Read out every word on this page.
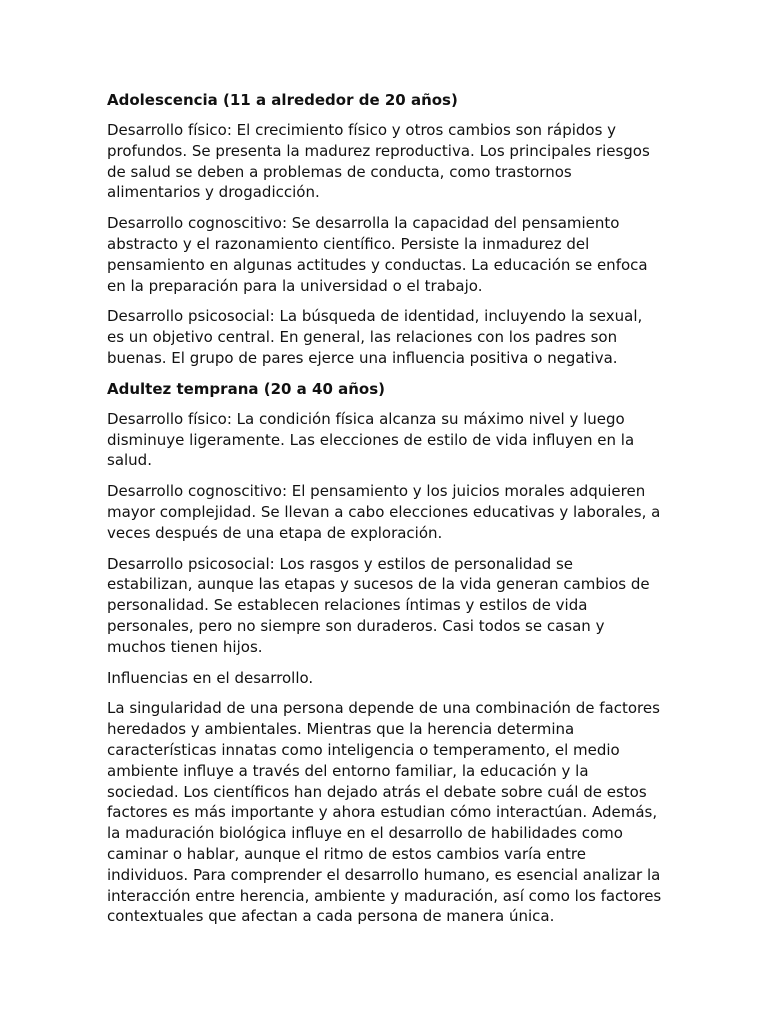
Adolescencia (11 a alrededor de 20 años)
Desarrollo físico: El crecimiento físico y otros cambios son rápidos y profundos. Se presenta la madurez reproductiva. Los principales riesgos de salud se deben a problemas de conducta, como trastornos alimentarios y drogadicción.
Desarrollo cognoscitivo: Se desarrolla la capacidad del pensamiento abstracto y el razonamiento científico. Persiste la inmadurez del pensamiento en algunas actitudes y conductas. La educación se enfoca en la preparación para la universidad o el trabajo.
Desarrollo psicosocial: La búsqueda de identidad, incluyendo la sexual, es un objetivo central. En general, las relaciones con los padres son buenas. El grupo de pares ejerce una influencia positiva o negativa.
Adultez temprana (20 a 40 años)
Desarrollo físico: La condición física alcanza su máximo nivel y luego disminuye ligeramente. Las elecciones de estilo de vida influyen en la salud.
Desarrollo cognoscitivo: El pensamiento y los juicios morales adquieren mayor complejidad. Se llevan a cabo elecciones educativas y laborales, a veces después de una etapa de exploración.
Desarrollo psicosocial: Los rasgos y estilos de personalidad se estabilizan, aunque las etapas y sucesos de la vida generan cambios de personalidad. Se establecen relaciones íntimas y estilos de vida personales, pero no siempre son duraderos. Casi todos se casan y muchos tienen hijos.
Influencias en el desarrollo.
La singularidad de una persona depende de una combinación de factores heredados y ambientales. Mientras que la herencia determina características innatas como inteligencia o temperamento, el medio ambiente influye a través del entorno familiar, la educación y la sociedad. Los científicos han dejado atrás el debate sobre cuál de estos factores es más importante y ahora estudian cómo interactúan. Además, la maduración biológica influye en el desarrollo de habilidades como caminar o hablar, aunque el ritmo de estos cambios varía entre individuos. Para comprender el desarrollo humano, es esencial analizar la interacción entre herencia, ambiente y maduración, así como los factores contextuales que afectan a cada persona de manera única.
